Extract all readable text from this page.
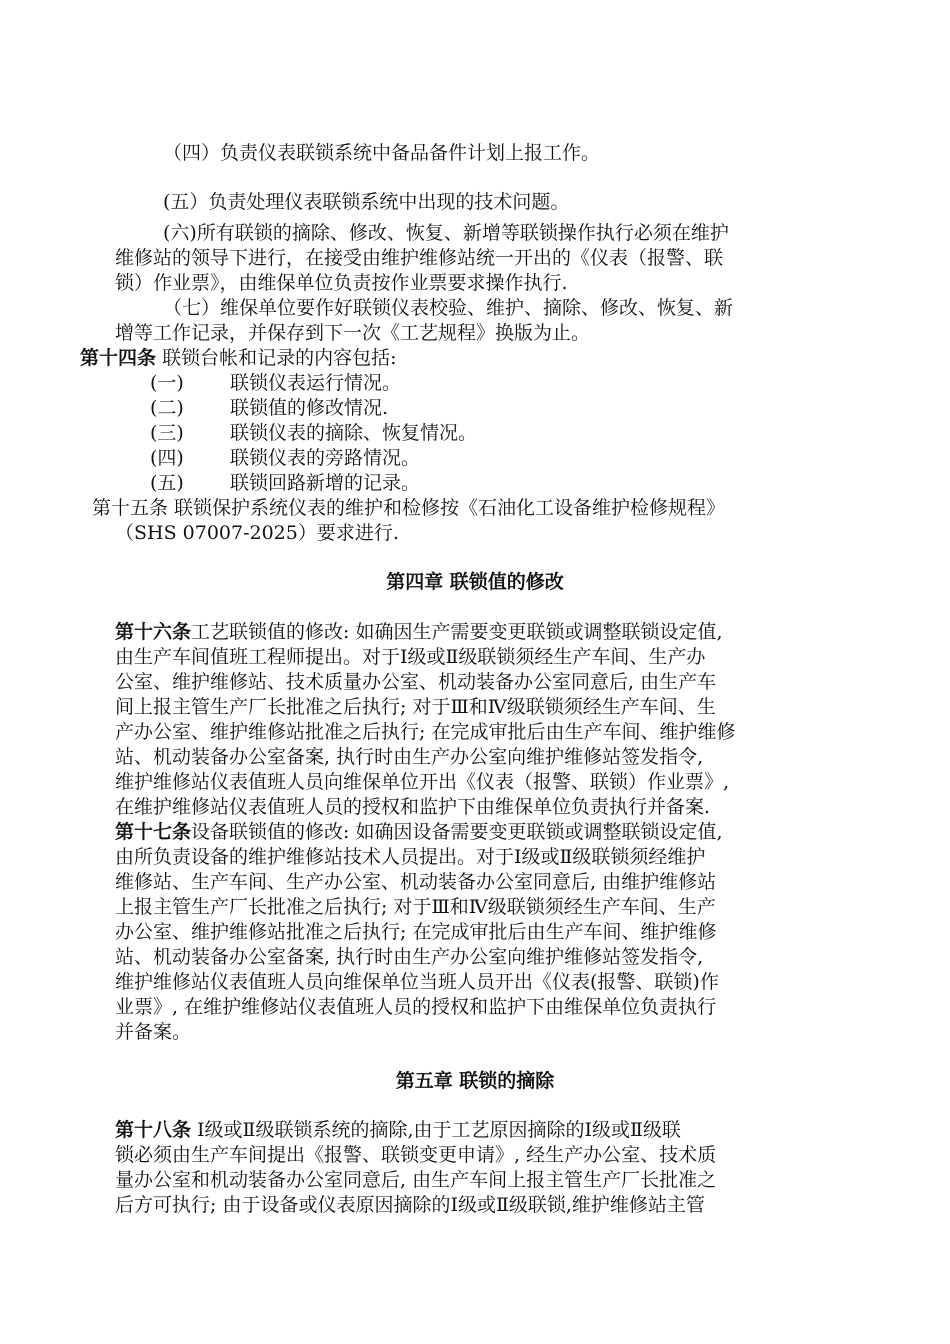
（四）负责仪表联锁系统中备品备件计划上报工作。
(五）负责处理仪表联锁系统中出现的技术问题。
(六)所有联锁的摘除、修改、恢复、新增等联锁操作执行必须在维护
维修站的领导下进行，在接受由维护维修站统一开出的《仪表（报警、联
锁）作业票》，由维保单位负责按作业票要求操作执行.
（七）维保单位要作好联锁仪表校验、维护、摘除、修改、恢复、新
增等工作记录，并保存到下一次《工艺规程》换版为止。
第十四条 联锁台帐和记录的内容包括:
(一) 联锁仪表运行情况。
(二) 联锁值的修改情况.
(三) 联锁仪表的摘除、恢复情况。
(四) 联锁仪表的旁路情况。
(五) 联锁回路新增的记录。
第十五条 联锁保护系统仪表的维护和检修按《石油化工设备维护检修规程》
（SHS 07007-2025）要求进行.
第四章 联锁值的修改
第十六条工艺联锁值的修改: 如确因生产需要变更联锁或调整联锁设定值,
由生产车间值班工程师提出。对于Ⅰ级或Ⅱ级联锁须经生产车间、生产办
公室、维护维修站、技术质量办公室、机动装备办公室同意后, 由生产车
间上报主管生产厂长批准之后执行; 对于Ⅲ和Ⅳ级联锁须经生产车间、生
产办公室、维护维修站批准之后执行; 在完成审批后由生产车间、维护维修
站、机动装备办公室备案, 执行时由生产办公室向维护维修站签发指令,
维护维修站仪表值班人员向维保单位开出《仪表（报警、联锁）作业票》,
在维护维修站仪表值班人员的授权和监护下由维保单位负责执行并备案.
第十七条设备联锁值的修改: 如确因设备需要变更联锁或调整联锁设定值,
由所负责设备的维护维修站技术人员提出。对于Ⅰ级或Ⅱ级联锁须经维护
维修站、生产车间、生产办公室、机动装备办公室同意后, 由维护维修站
上报主管生产厂长批准之后执行; 对于Ⅲ和Ⅳ级联锁须经生产车间、生产
办公室、维护维修站批准之后执行; 在完成审批后由生产车间、维护维修
站、机动装备办公室备案, 执行时由生产办公室向维护维修站签发指令,
维护维修站仪表值班人员向维保单位当班人员开出《仪表(报警、联锁)作
业票》, 在维护维修站仪表值班人员的授权和监护下由维保单位负责执行
并备案。
第五章 联锁的摘除
第十八条 Ⅰ级或Ⅱ级联锁系统的摘除,由于工艺原因摘除的Ⅰ级或Ⅱ级联
锁必须由生产车间提出《报警、联锁变更申请》, 经生产办公室、技术质
量办公室和机动装备办公室同意后, 由生产车间上报主管生产厂长批准之
后方可执行; 由于设备或仪表原因摘除的Ⅰ级或Ⅱ级联锁,维护维修站主管
